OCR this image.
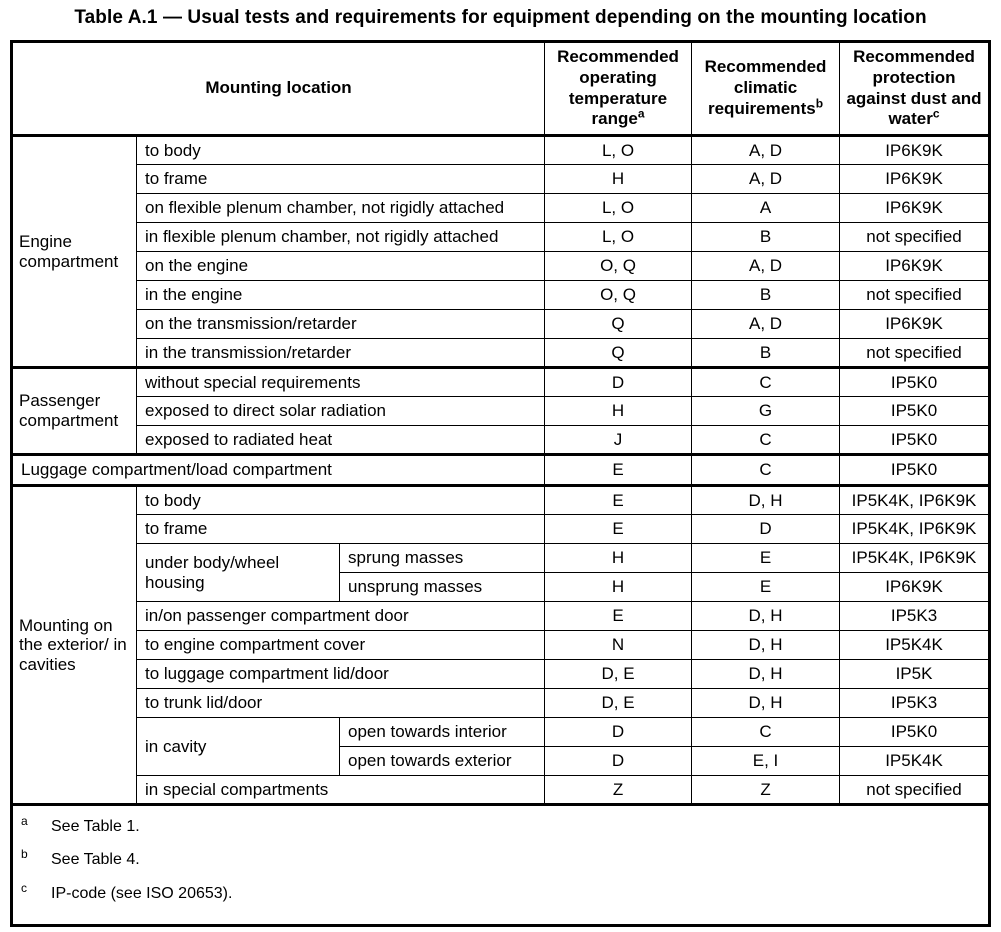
Table A.1 — Usual tests and requirements for equipment depending on the mounting location
Mounting location			Recommended operating temperature range$^a$	Recommended climatic requirements$^b$	Recommended protection against dust and water$^c$
Engine compartment	to body		L, O	A, D	IP6K9K
	to frame		H	A, D	IP6K9K
	on flexible plenum chamber, not rigidly attached		L, O	A	IP6K9K
	in flexible plenum chamber, not rigidly attached		L, O	B	not specified
	on the engine		O, Q	A, D	IP6K9K
	in the engine		O, Q	B	not specified
	on the transmission/retarder		Q	A, D	IP6K9K
	in the transmission/retarder		Q	B	not specified
Passenger compartment	without special requirements		D	C	IP5K0
	exposed to direct solar radiation		H	G	IP5K0
	exposed to radiated heat		J	C	IP5K0
Luggage compartment/load compartment			E	C	IP5K0
Mounting on the exterior/ in cavities	to body		E	D, H	IP5K4K, IP6K9K
	to frame		E	D	IP5K4K, IP6K9K
	under body/wheel housing	sprung masses	H	E	IP5K4K, IP6K9K
		unsprung masses	H	E	IP6K9K
	in/on passenger compartment door		E	D, H	IP5K3
	to engine compartment cover		N	D, H	IP5K4K
	to luggage compartment lid/door		D, E	D, H	IP5K
	to trunk lid/door		D, E	D, H	IP5K3
	in cavity	open towards interior	D	C	IP5K0
		open towards exterior	D	E, I	IP5K4K
	in special compartments		Z	Z	not specified

a	See Table 1.
b	See Table 4.
c	IP-code (see ISO 20653).
